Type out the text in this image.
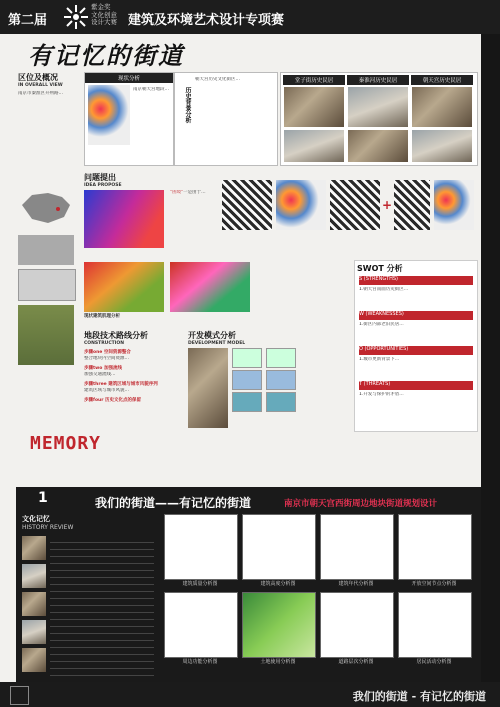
第二届
紫金奖
文化创意
设计大赛 建筑及环境艺术设计专项赛
有记忆的街道
区位及概况
IN OVERALL VIEW
南京市秦淮区升州路…
现状分析
南京朝天宫地段…	历史背景分析
朝天宫历史文化街区…	堂子街历史民居	秦淮河历史民居	朝天宫历史民居
问题提出
IDEA PROPOSE
"困境"一是由于…
+
SWOT 分析
S (STRENGTHS)
1.朝天宫南面历史街区…
W (WEAKNESSES)
1.街区内部老旧民居…
O (OPPORTUNITIES)
1.城市更新背景下…
T (THREATS)
1.开发与保护的矛盾…
现状建筑肌理分析
地段技术路线分析
CONSTRUCTION
步骤one 空间资源整合
整合地块内空间资源…
步骤two 加强流线
加强交通流线…
步骤three 建筑区域与城市风貌序列
建筑区域与城市风貌…
步骤four 历史文化点的保留
开发模式分析
DEVELOPMENT MODEL
MEMORY
1	我们的街道——有记忆的街道	南京市朝天宫西街周边地块街道规划设计
文化记忆
HISTORY REVIEW
建筑质量分析图	建筑高度分析图	建筑年代分析图	开放空间节点分析图
周边功能分析图	土地使用分析图	道路层次分析图	居民活动分析图
我们的街道 - 有记忆的街道
